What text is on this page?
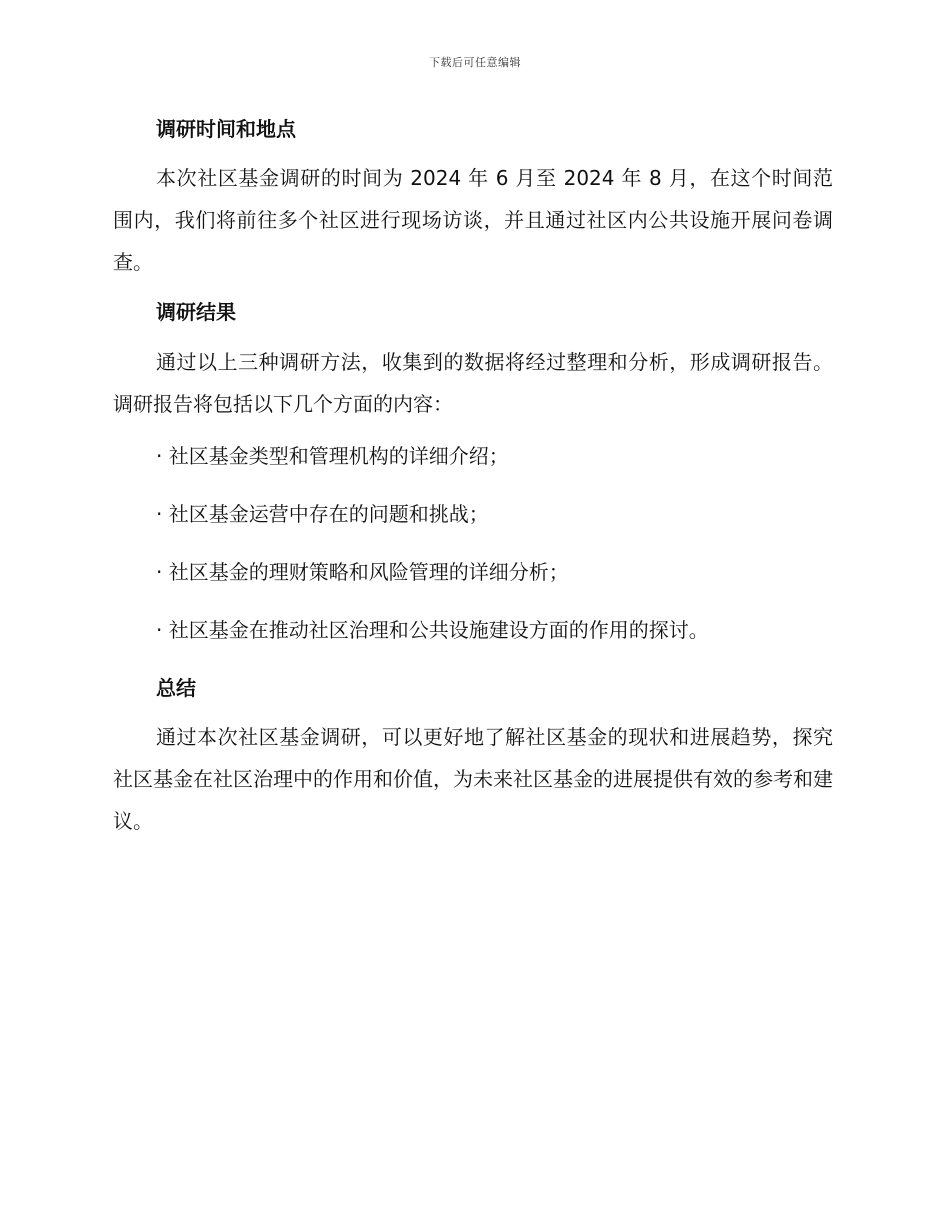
下载后可任意编辑
调研时间和地点

本次社区基金调研的时间为 2024 年 6 月至 2024 年 8 月，在这个时间范围内，我们将前往多个社区进行现场访谈，并且通过社区内公共设施开展问卷调查。

调研结果

通过以上三种调研方法，收集到的数据将经过整理和分析，形成调研报告。调研报告将包括以下几个方面的内容：

· 社区基金类型和管理机构的详细介绍；

· 社区基金运营中存在的问题和挑战；

· 社区基金的理财策略和风险管理的详细分析；

· 社区基金在推动社区治理和公共设施建设方面的作用的探讨。

总结

通过本次社区基金调研，可以更好地了解社区基金的现状和进展趋势，探究社区基金在社区治理中的作用和价值，为未来社区基金的进展提供有效的参考和建议。
